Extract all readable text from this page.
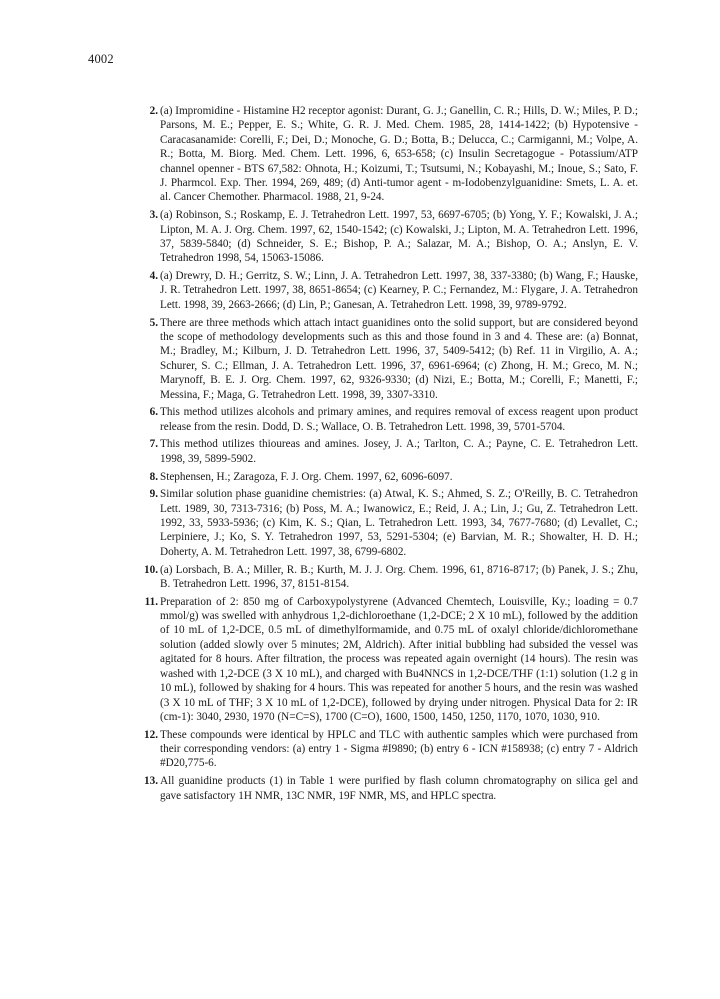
4002
2. (a) Impromidine - Histamine H2 receptor agonist: Durant, G. J.; Ganellin, C. R.; Hills, D. W.; Miles, P. D.; Parsons, M. E.; Pepper, E. S.; White, G. R. J. Med. Chem. 1985, 28, 1414-1422; (b) Hypotensive - Caracasanamide: Corelli, F.; Dei, D.; Monoche, G. D.; Botta, B.; Delucca, C.; Carmiganni, M.; Volpe, A. R.; Botta, M. Biorg. Med. Chem. Lett. 1996, 6, 653-658; (c) Insulin Secretagogue - Potassium/ATP channel openner - BTS 67,582: Ohnota, H.; Koizumi, T.; Tsutsumi, N.; Kobayashi, M.; Inoue, S.; Sato, F. J. Pharmcol. Exp. Ther. 1994, 269, 489; (d) Anti-tumor agent - m-Iodobenzylguanidine: Smets, L. A. et. al. Cancer Chemother. Pharmacol. 1988, 21, 9-24.
3. (a) Robinson, S.; Roskamp, E. J. Tetrahedron Lett. 1997, 53, 6697-6705; (b) Yong, Y. F.; Kowalski, J. A.; Lipton, M. A. J. Org. Chem. 1997, 62, 1540-1542; (c) Kowalski, J.; Lipton, M. A. Tetrahedron Lett. 1996, 37, 5839-5840; (d) Schneider, S. E.; Bishop, P. A.; Salazar, M. A.; Bishop, O. A.; Anslyn, E. V. Tetrahedron 1998, 54, 15063-15086.
4. (a) Drewry, D. H.; Gerritz, S. W.; Linn, J. A. Tetrahedron Lett. 1997, 38, 337-3380; (b) Wang, F.; Hauske, J. R. Tetrahedron Lett. 1997, 38, 8651-8654; (c) Kearney, P. C.; Fernandez, M.: Flygare, J. A. Tetrahedron Lett. 1998, 39, 2663-2666; (d) Lin, P.; Ganesan, A. Tetrahedron Lett. 1998, 39, 9789-9792.
5. There are three methods which attach intact guanidines onto the solid support, but are considered beyond the scope of methodology developments such as this and those found in 3 and 4. These are: (a) Bonnat, M.; Bradley, M.; Kilburn, J. D. Tetrahedron Lett. 1996, 37, 5409-5412; (b) Ref. 11 in Virgilio, A. A.; Schurer, S. C.; Ellman, J. A. Tetrahedron Lett. 1996, 37, 6961-6964; (c) Zhong, H. M.; Greco, M. N.; Marynoff, B. E. J. Org. Chem. 1997, 62, 9326-9330; (d) Nizi, E.; Botta, M.; Corelli, F.; Manetti, F.; Messina, F.; Maga, G. Tetrahedron Lett. 1998, 39, 3307-3310.
6. This method utilizes alcohols and primary amines, and requires removal of excess reagent upon product release from the resin. Dodd, D. S.; Wallace, O. B. Tetrahedron Lett. 1998, 39, 5701-5704.
7. This method utilizes thioureas and amines. Josey, J. A.; Tarlton, C. A.; Payne, C. E. Tetrahedron Lett. 1998, 39, 5899-5902.
8. Stephensen, H.; Zaragoza, F. J. Org. Chem. 1997, 62, 6096-6097.
9. Similar solution phase guanidine chemistries: (a) Atwal, K. S.; Ahmed, S. Z.; O'Reilly, B. C. Tetrahedron Lett. 1989, 30, 7313-7316; (b) Poss, M. A.; Iwanowicz, E.; Reid, J. A.; Lin, J.; Gu, Z. Tetrahedron Lett. 1992, 33, 5933-5936; (c) Kim, K. S.; Qian, L. Tetrahedron Lett. 1993, 34, 7677-7680; (d) Levallet, C.; Lerpiniere, J.; Ko, S. Y. Tetrahedron 1997, 53, 5291-5304; (e) Barvian, M. R.; Showalter, H. D. H.; Doherty, A. M. Tetrahedron Lett. 1997, 38, 6799-6802.
10. (a) Lorsbach, B. A.; Miller, R. B.; Kurth, M. J. J. Org. Chem. 1996, 61, 8716-8717; (b) Panek, J. S.; Zhu, B. Tetrahedron Lett. 1996, 37, 8151-8154.
11. Preparation of 2: 850 mg of Carboxypolystyrene (Advanced Chemtech, Louisville, Ky.; loading = 0.7 mmol/g) was swelled with anhydrous 1,2-dichloroethane (1,2-DCE; 2 X 10 mL), followed by the addition of 10 mL of 1,2-DCE, 0.5 mL of dimethylformamide, and 0.75 mL of oxalyl chloride/dichloromethane solution (added slowly over 5 minutes; 2M, Aldrich). After initial bubbling had subsided the vessel was agitated for 8 hours. After filtration, the process was repeated again overnight (14 hours). The resin was washed with 1,2-DCE (3 X 10 mL), and charged with Bu4NNCS in 1,2-DCE/THF (1:1) solution (1.2 g in 10 mL), followed by shaking for 4 hours. This was repeated for another 5 hours, and the resin was washed (3 X 10 mL of THF; 3 X 10 mL of 1,2-DCE), followed by drying under nitrogen. Physical Data for 2: IR (cm-1): 3040, 2930, 1970 (N=C=S), 1700 (C=O), 1600, 1500, 1450, 1250, 1170, 1070, 1030, 910.
12. These compounds were identical by HPLC and TLC with authentic samples which were purchased from their corresponding vendors: (a) entry 1 - Sigma #I9890; (b) entry 6 - ICN #158938; (c) entry 7 - Aldrich #D20,775-6.
13. All guanidine products (1) in Table 1 were purified by flash column chromatography on silica gel and gave satisfactory 1H NMR, 13C NMR, 19F NMR, MS, and HPLC spectra.
